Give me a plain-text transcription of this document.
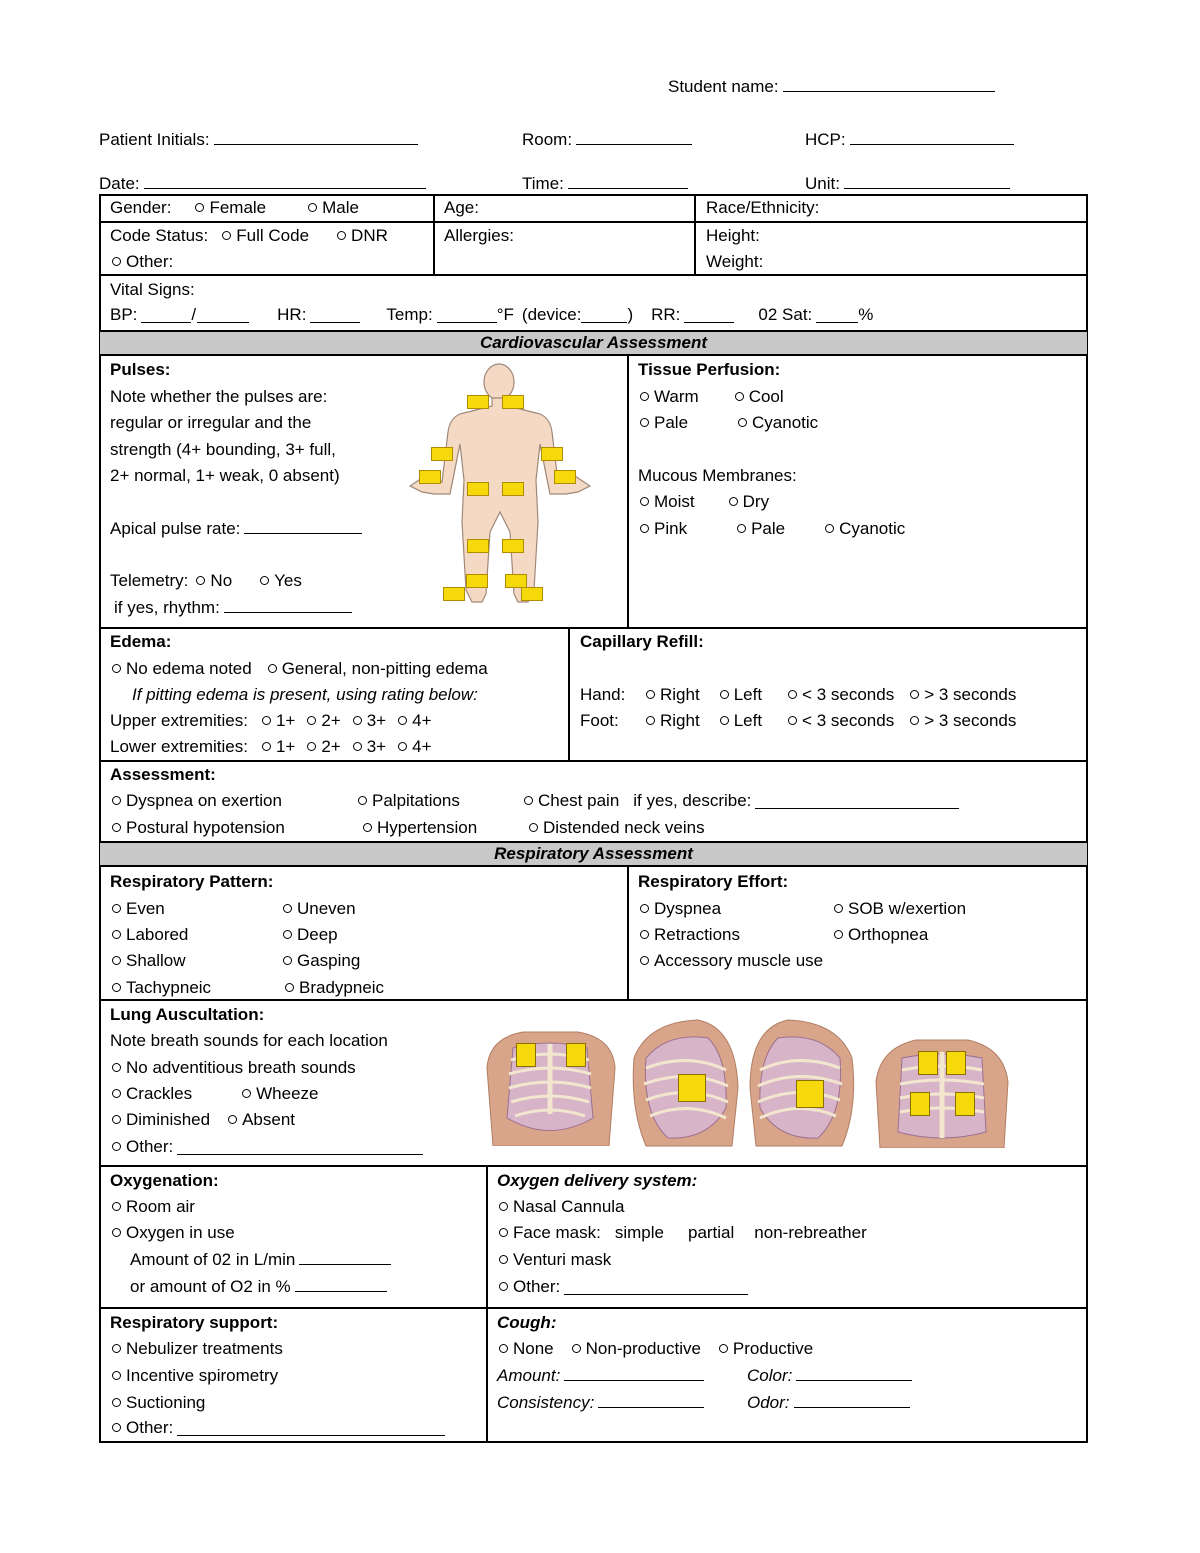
Student name:
Patient Initials:	Room:	HCP:
Date:	Time:	Unit:
Cardiovascular Assessment
Respiratory Assessment
Gender: Female	Male	Age:	Race/Ethnicity:
Code Status: Full Code DNR
Other:
Allergies:	Height:
Weight:
Vital Signs:
BP:	/	HR:	Temp:	°F (device:	) RR:	02 Sat:	%
Pulses:
Note whether the pulses are:
regular or irregular and the
strength (4+ bounding, 3+ full,
2+ normal, 1+ weak, 0 absent)
Apical pulse rate:
Telemetry: No Yes
if yes, rhythm:
Tissue Perfusion:
Warm	Cool
Pale	Cyanotic
Mucous Membranes:
Moist	Dry
Pink	Pale	Cyanotic
Edema:
No edema noted General, non-pitting edema
If pitting edema is present, using rating below:
Upper extremities: 1+ 2+ 3+ 4+
Lower extremities: 1+ 2+ 3+ 4+
Capillary Refill:
Hand:	Right Left < 3 seconds > 3 seconds
Foot:	Right Left < 3 seconds > 3 seconds
Assessment:
Dyspnea on exertion	Palpitations	Chest pain if yes, describe:
Postural hypotension	Hypertension	Distended neck veins
Respiratory Pattern:
Even	Uneven
Labored	Deep
Shallow	Gasping
Tachypneic	Bradypneic
Respiratory Effort:
Dyspnea	SOB w/exertion
Retractions	Orthopnea
Accessory muscle use
Lung Auscultation:
Note breath sounds for each location
No adventitious breath sounds
Crackles	Wheeze
Diminished Absent
Other:
Oxygenation:
Room air
Oxygen in use
Amount of 02 in L/min
or amount of O2 in %
Oxygen delivery system:
Nasal Cannula
Face mask: simple partial non-rebreather
Venturi mask
Other:
Respiratory support:
Nebulizer treatments
Incentive spirometry
Suctioning
Other:
Cough:
None Non-productive Productive
Amount:	Color:
Consistency:	Odor:
